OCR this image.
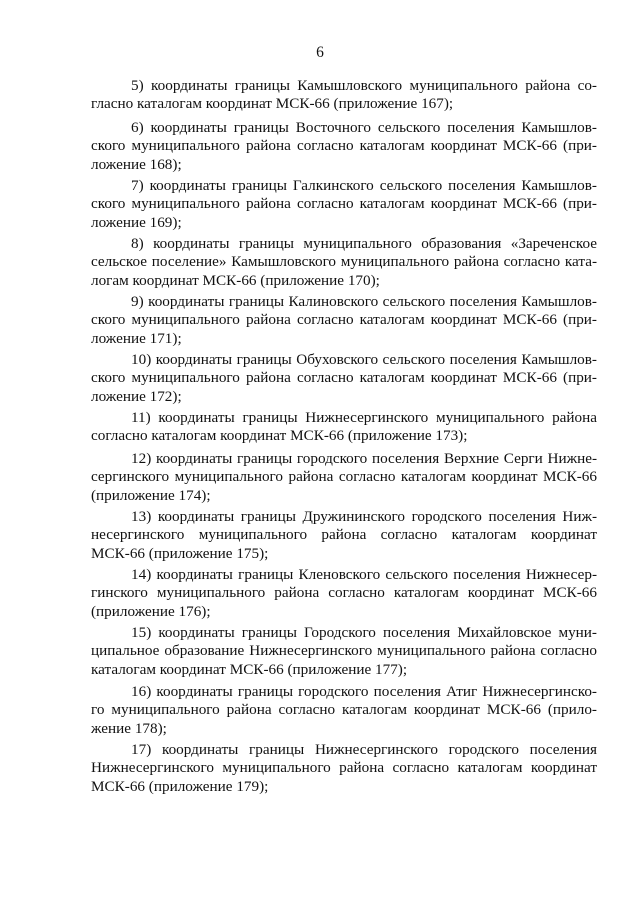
6

5) координаты границы Камышловского муниципального района со-
гласно каталогам координат МСК-66 (приложение 167);

6) координаты границы Восточного сельского поселения Камышлов-
ского муниципального района согласно каталогам координат МСК-66 (при-
ложение 168);

7) координаты границы Галкинского сельского поселения Камышлов-
ского муниципального района согласно каталогам координат МСК-66 (при-
ложение 169);

8) координаты границы муниципального образования «Зареченское
сельское поселение» Камышловского муниципального района согласно ката-
логам координат МСК-66 (приложение 170);

9) координаты границы Калиновского сельского поселения Камышлов-
ского муниципального района согласно каталогам координат МСК-66 (при-
ложение 171);

10) координаты границы Обуховского сельского поселения Камышлов-
ского муниципального района согласно каталогам координат МСК-66 (при-
ложение 172);

11) координаты границы Нижнесергинского муниципального района
согласно каталогам координат МСК-66 (приложение 173);

12) координаты границы городского поселения Верхние Серги Нижне-
сергинского муниципального района согласно каталогам координат МСК-66
(приложение 174);

13) координаты границы Дружининского городского поселения Ниж-
несергинского муниципального района согласно каталогам координат
МСК-66 (приложение 175);

14) координаты границы Кленовского сельского поселения Нижнесер-
гинского муниципального района согласно каталогам координат МСК-66
(приложение 176);

15) координаты границы Городского поселения Михайловское муни-
ципальное образование Нижнесергинского муниципального района согласно
каталогам координат МСК-66 (приложение 177);

16) координаты границы городского поселения Атиг Нижнесергинско-
го муниципального района согласно каталогам координат МСК-66 (прило-
жение 178);

17) координаты границы Нижнесергинского городского поселения
Нижнесергинского муниципального района согласно каталогам координат
МСК-66 (приложение 179);
